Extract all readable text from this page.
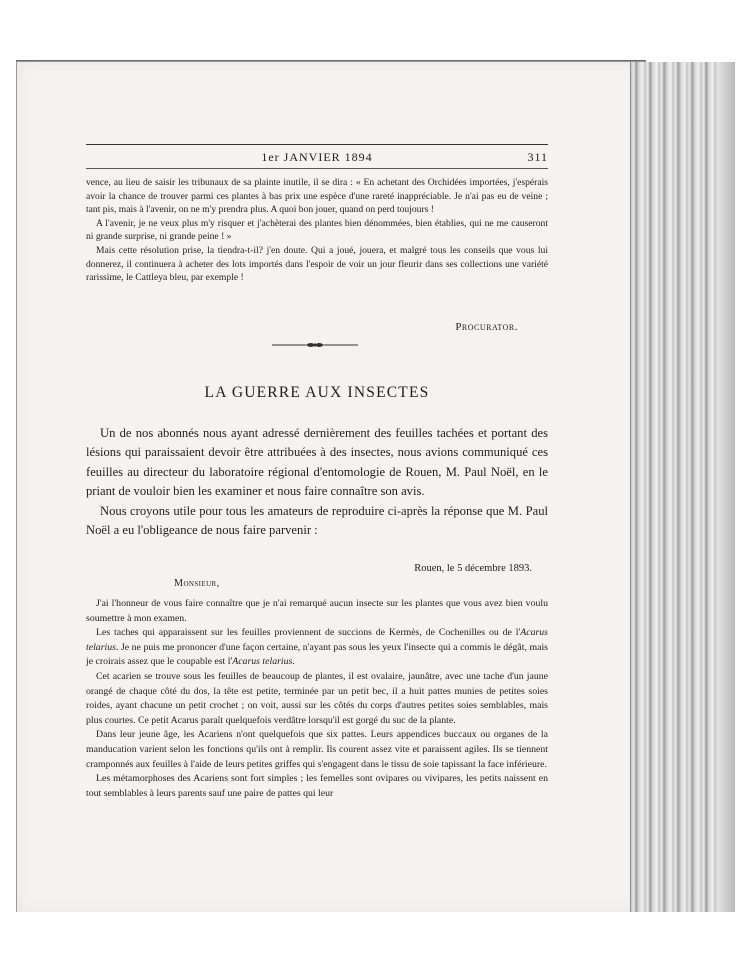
1er JANVIER 1894	311

vence, au lieu de saisir les tribunaux de sa plainte inutile, il se dira : « En achetant des Orchidées importées, j'espérais avoir la chance de trouver parmi ces plantes à bas prix une espèce d'une rareté inappréciable. Je n'ai pas eu de veine ; tant pis, mais à l'avenir, on ne m'y prendra plus. A quoi bon jouer, quand on perd toujours !

A l'avenir, je ne veux plus m'y risquer et j'achèterai des plantes bien dénommées, bien établies, qui ne me causeront ni grande surprise, ni grande peine ! »

Mais cette résolution prise, la tiendra-t-il? j'en doute. Qui a joué, jouera, et malgré tous les conseils que vous lui donnerez, il continuera à acheter des lots importés dans l'espoir de voir un jour fleurir dans ses collections une variété rarissime, le Cattleya bleu, par exemple !

Procurator.
LA GUERRE AUX INSECTES

Un de nos abonnés nous ayant adressé dernièrement des feuilles tachées et portant des lésions qui paraissaient devoir être attribuées à des insectes, nous avions communiqué ces feuilles au directeur du laboratoire régional d'entomologie de Rouen, M. Paul Noël, en le priant de vouloir bien les examiner et nous faire connaître son avis.

Nous croyons utile pour tous les amateurs de reproduire ci-après la réponse que M. Paul Noël a eu l'obligeance de nous faire parvenir :

Rouen, le 5 décembre 1893.
Monsieur,

J'ai l'honneur de vous faire connaître que je n'ai remarqué aucun insecte sur les plantes que vous avez bien voulu soumettre à mon examen.

Les taches qui apparaissent sur les feuilles proviennent de succions de Kermès, de Cochenilles ou de l'Acarus telarius. Je ne puis me prononcer d'une façon certaine, n'ayant pas sous les yeux l'insecte qui a commis le dégât, mais je croirais assez que le coupable est l'Acarus telarius.

Cet acarien se trouve sous les feuilles de beaucoup de plantes, il est ovalaire, jaunâtre, avec une tache d'un jaune orangé de chaque côté du dos, la tête est petite, terminée par un petit bec, il a huit pattes munies de petites soies roides, ayant chacune un petit crochet ; on voit, aussi sur les côtés du corps d'autres petites soies semblables, mais plus courtes. Ce petit Acarus paraît quelquefois verdâtre lorsqu'il est gorgé du suc de la plante.

Dans leur jeune âge, les Acariens n'ont quelquefois que six pattes. Leurs appendices buccaux ou organes de la manducation varient selon les fonctions qu'ils ont à remplir. Ils courent assez vite et paraissent agiles. Ils se tiennent cramponnés aux feuilles à l'aide de leurs petites griffes qui s'engagent dans le tissu de soie tapissant la face inférieure.

Les métamorphoses des Acariens sont fort simples ; les femelles sont ovipares ou vivipares, les petits naissent en tout semblables à leurs parents sauf une paire de pattes qui leur
